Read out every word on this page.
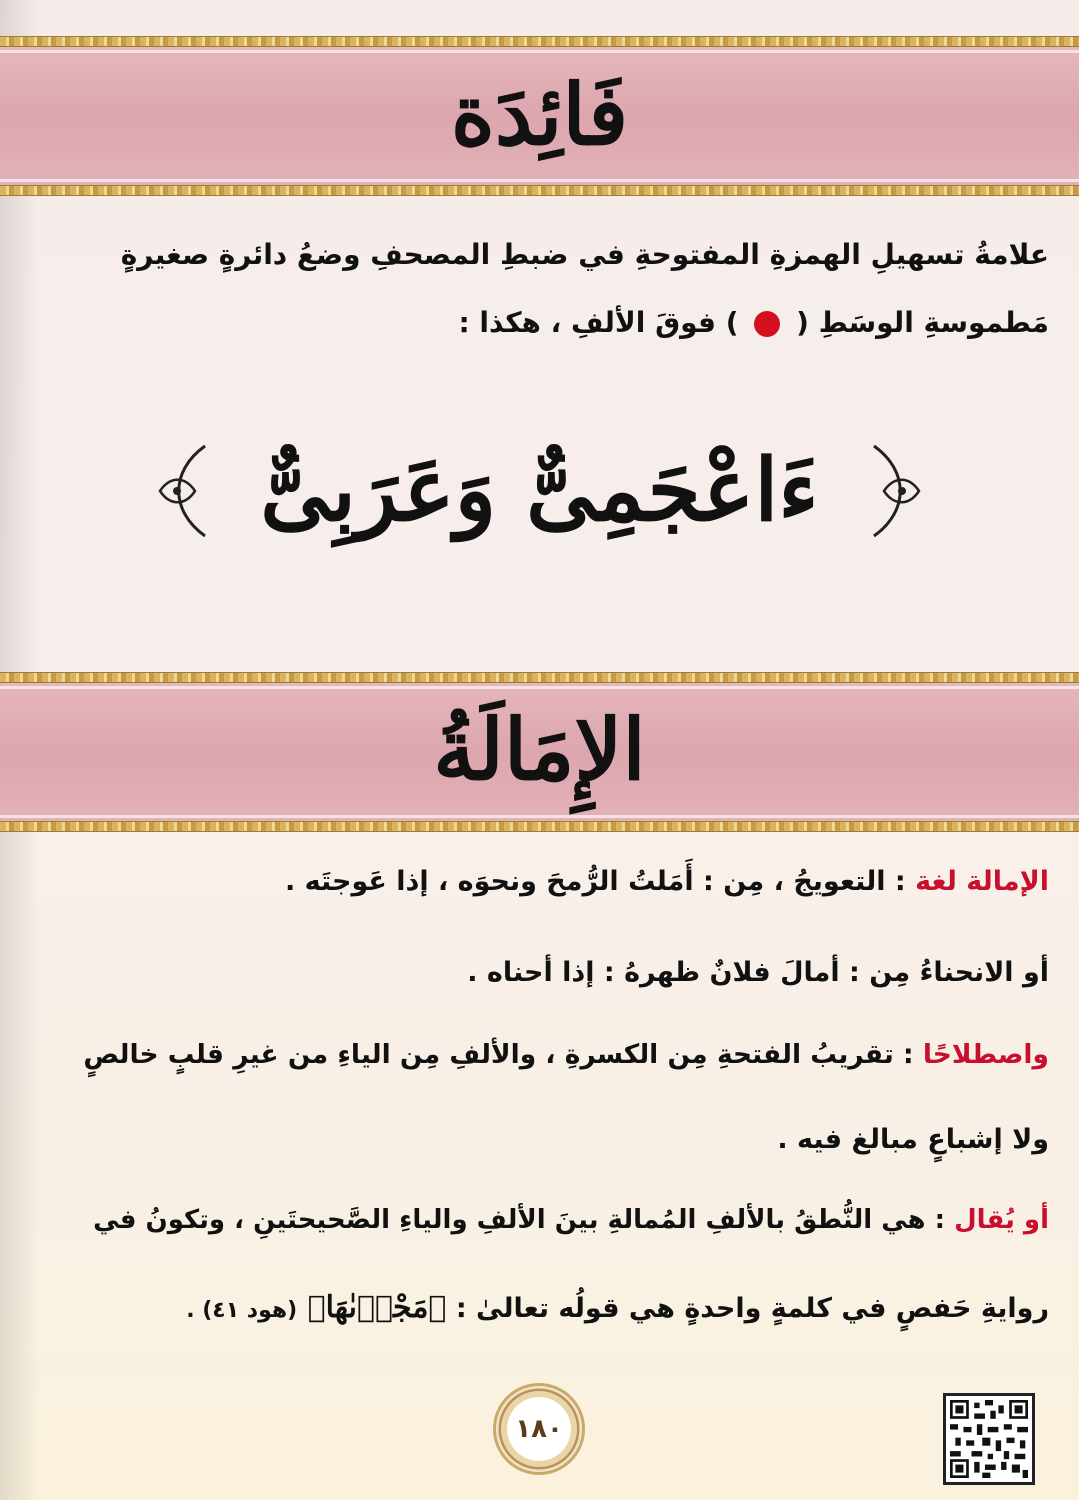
فَائِدَة
علامةُ تسهيلِ الهمزةِ المفتوحةِ في ضبطِ المصحفِ وضعُ دائرةٍ صغيرةٍ
مَطموسةِ الوسَطِ (  ) فوقَ الألفِ ، هكذا :
ءَاعْجَمِىٌّ وَعَرَبِىٌّ
الإِمَالَةُ
الإمالة لغة : التعويجُ ، مِن : أَمَلتُ الرُّمحَ ونحوَه ، إذا عَوجتَه .
أو الانحناءُ مِن : أمالَ فلانٌ ظهرهُ : إذا أحناه .
واصطلاحًا : تقريبُ الفتحةِ مِن الكسرةِ ، والألفِ مِن الياءِ من غيرِ قلبٍ خالصٍ
ولا إشباعٍ مبالغ فيه .
أو يُقال : هي النُّطقُ بالألفِ المُمالةِ بينَ الألفِ والياءِ الصَّحيحتَينِ ، وتكونُ في
روايةِ حَفصٍ في كلمةٍ واحدةٍ هي قولُه تعالىٰ : ﴿مَجْرٜىٰهَا﴾ (هود ٤١) .
١٨٠
